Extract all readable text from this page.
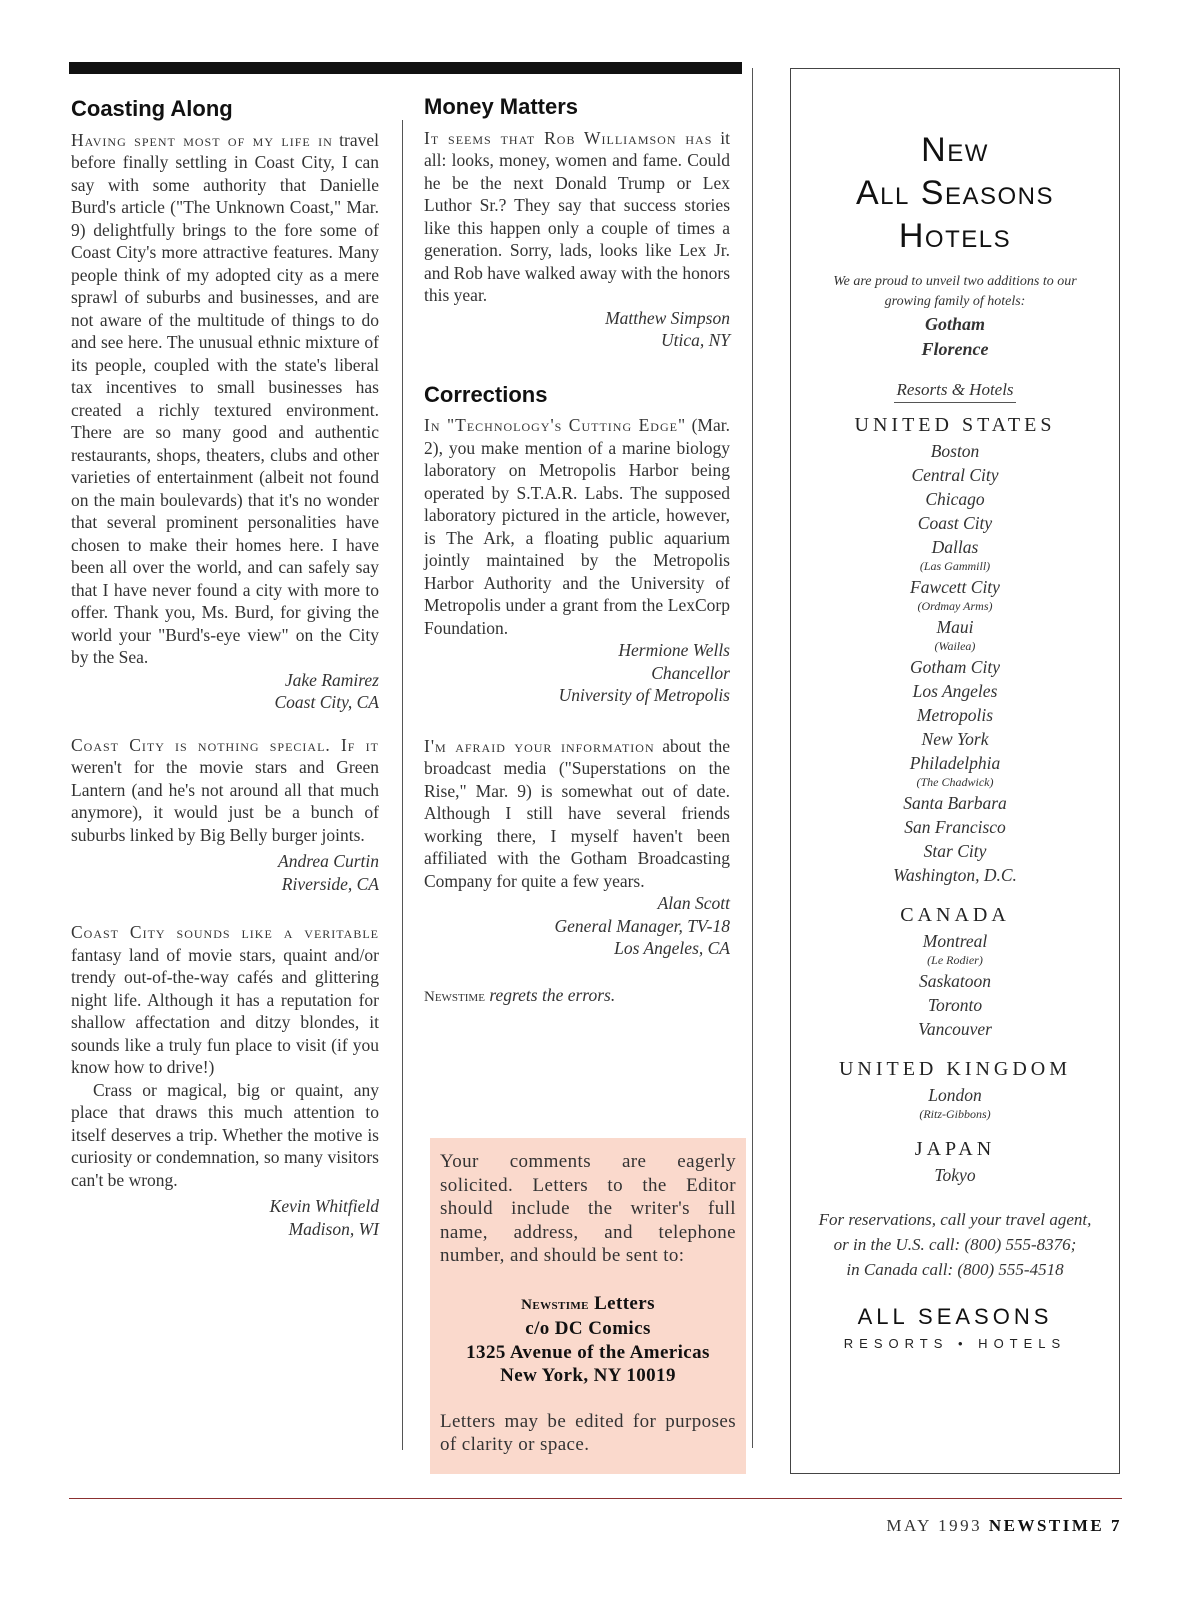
Coasting Along

Having spent most of my life in travel before finally settling in Coast City, I can say with some authority that Danielle Burd's article ("The Unknown Coast," Mar. 9) delightfully brings to the fore some of Coast City's more attractive features. Many people think of my adopted city as a mere sprawl of suburbs and businesses, and are not aware of the multitude of things to do and see here. The unusual ethnic mixture of its people, coupled with the state's liberal tax incentives to small businesses has created a richly textured environment. There are so many good and authentic restaurants, shops, theaters, clubs and other varieties of entertainment (albeit not found on the main boulevards) that it's no wonder that several prominent personalities have chosen to make their homes here. I have been all over the world, and can safely say that I have never found a city with more to offer. Thank you, Ms. Burd, for giving the world your "Burd's-eye view" on the City by the Sea.

Jake Ramirez

Coast City, CA

Coast City is nothing special. If it weren't for the movie stars and Green Lantern (and he's not around all that much anymore), it would just be a bunch of suburbs linked by Big Belly burger joints.

Andrea Curtin

Riverside, CA

Coast City sounds like a veritable fantasy land of movie stars, quaint and/or trendy out-of-the-way cafés and glittering night life. Although it has a reputation for shallow affectation and ditzy blondes, it sounds like a truly fun place to visit (if you know how to drive!)

Crass or magical, big or quaint, any place that draws this much attention to itself deserves a trip. Whether the motive is curiosity or condemnation, so many visitors can't be wrong.

Kevin Whitfield

Madison, WI

Money Matters

It seems that Rob Williamson has it all: looks, money, women and fame. Could he be the next Donald Trump or Lex Luthor Sr.? They say that success stories like this happen only a couple of times a generation. Sorry, lads, looks like Lex Jr. and Rob have walked away with the honors this year.

Matthew Simpson

Utica, NY

Corrections

In "Technology's Cutting Edge" (Mar. 2), you make mention of a marine biology laboratory on Metropolis Harbor being operated by S.T.A.R. Labs. The supposed laboratory pictured in the article, however, is The Ark, a floating public aquarium jointly maintained by the Metropolis Harbor Authority and the University of Metropolis under a grant from the LexCorp Foundation.

Hermione Wells

Chancellor

University of Metropolis

I'm afraid your information about the broadcast media ("Superstations on the Rise," Mar. 9) is somewhat out of date. Although I still have several friends working there, I myself haven't been affiliated with the Gotham Broadcasting Company for quite a few years.

Alan Scott

General Manager, TV-18

Los Angeles, CA

Newstime regrets the errors.

Your comments are eagerly solicited. Letters to the Editor should include the writer's full name, address, and telephone number, and should be sent to:

Newstime Letters
c/o DC Comics
1325 Avenue of the Americas
New York, NY 10019

Letters may be edited for purposes of clarity or space.

New
All Seasons
Hotels
We are proud to unveil two additions to our growing family of hotels:
Gotham
Florence
Resorts & Hotels
UNITED STATES
Boston
Central City
Chicago
Coast City
Dallas
(Las Gammill)
Fawcett City
(Ordmay Arms)
Maui
(Wailea)
Gotham City
Los Angeles
Metropolis
New York
Philadelphia
(The Chadwick)
Santa Barbara
San Francisco
Star City
Washington, D.C.
CANADA
Montreal
(Le Rodier)
Saskatoon
Toronto
Vancouver
UNITED KINGDOM
London
(Ritz-Gibbons)
JAPAN
Tokyo
For reservations, call your travel agent,
or in the U.S. call: (800) 555-8376;
in Canada call: (800) 555-4518
ALL SEASONS
RESORTS • HOTELS
MAY 1993 NEWSTIME 7
